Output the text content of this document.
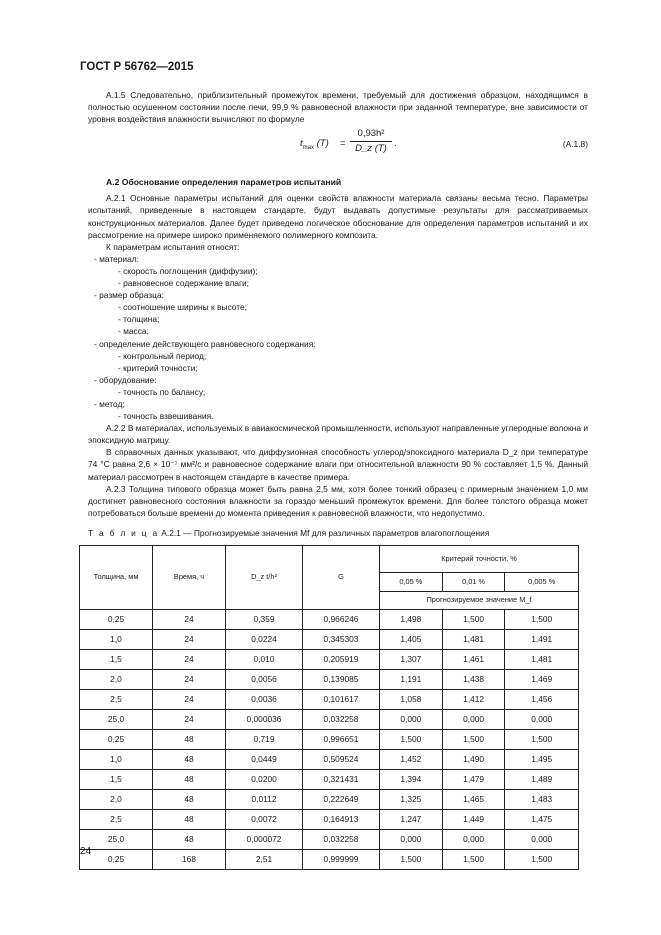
ГОСТ Р 56762—2015

А.1.5 Следовательно, приблизительный промежуток времени, требуемый для достижения образцом, находящимся в полностью осушенном состоянии после печи, 99,9 % равновесной влажности при заданной температуре, вне зависимости от уровня воздействия влажности вычисляют по формуле

$t_{max}$ $(T) = \frac{\text{0,93h²}}{D\_z (T)}$ .	(А.1.8)
А.2 Обоснование определения параметров испытаний

А.2.1 Основные параметры испытаний для оценки свойств влажности материала связаны весьма тесно. Параметры испытаний, приведенные в настоящем стандарте, будут выдавать допустимые результаты для рассматриваемых конструкционных материалов. Далее будет приведено логическое обоснование для определения параметров испытаний и их рассмотрение на примере широко применяемого полимерного композита.

К параметрам испытания относят:
- материал:
- скорость поглощения (диффузии);
- равновесное содержание влаги;
- размер образца:
- соотношение ширины к высоте;
- толщина;
- масса;
- определение действующего равновесного содержания:
- контрольный период;
- критерий точности;
- оборудование:
- точность по балансу;
- метод;
- точность взвешивания.

А.2.2 В материалах, используемых в авиакосмической промышленности, используют направленные углеродные волокна и эпоксидную матрицу.

В справочных данных указывают, что диффузионная способность углерод/эпоксидного материала D_z при температуре 74 °С равна 2,6 × 10⁻⁷ мм²/с и равновесное содержание влаги при относительной влажности 90 % составляет 1,5 %. Данный материал рассмотрен в настоящем стандарте в качестве примера.

А.2.3 Толщина типового образца может быть равна 2,5 мм, хотя более тонкий образец с примерным значением 1,0 мм достигнет равновесного состояния влажности за гораздо меньший промежуток времени. Для более толстого образца может потребоваться больше времени до момента приведения к равновесной влажности, что недопустимо.

Т а б л и ц а А.2.1 — Прогнозируемые значения Mf для различных параметров влагопоглощения
Толщина, мм	Время, ч	D_z t/h²	G	Критерий точности, %		
				0,05 %	0,01 %	0,005 %
				Прогнозируемое значение M_f		
0,25	24	0,359	0,966246	1,498	1,500	1,500
1,0	24	0,0224	0,345303	1,405	1,481	1,491
1,5	24	0,010	0,205919	1,307	1,461	1,481
2,0	24	0,0056	0,139085	1,191	1,438	1,469
2,5	24	0,0036	0,101617	1,058	1,412	1,456
25,0	24	0,000036	0,032258	0,000	0,000	0,000
0,25	48	0,719	0,996651	1,500	1,500	1,500
1,0	48	0,0449	0,509524	1,452	1,490	1,495
1,5	48	0,0200	0,321431	1,394	1,479	1,489
2,0	48	0,0112	0,222649	1,325	1,465	1,483
2,5	48	0,0072	0,164913	1,247	1,449	1,475
25,0	48	0,000072	0,032258	0,000	0,000	0,000
0,25	168	2,51	0,999999	1,500	1,500	1,500
24
